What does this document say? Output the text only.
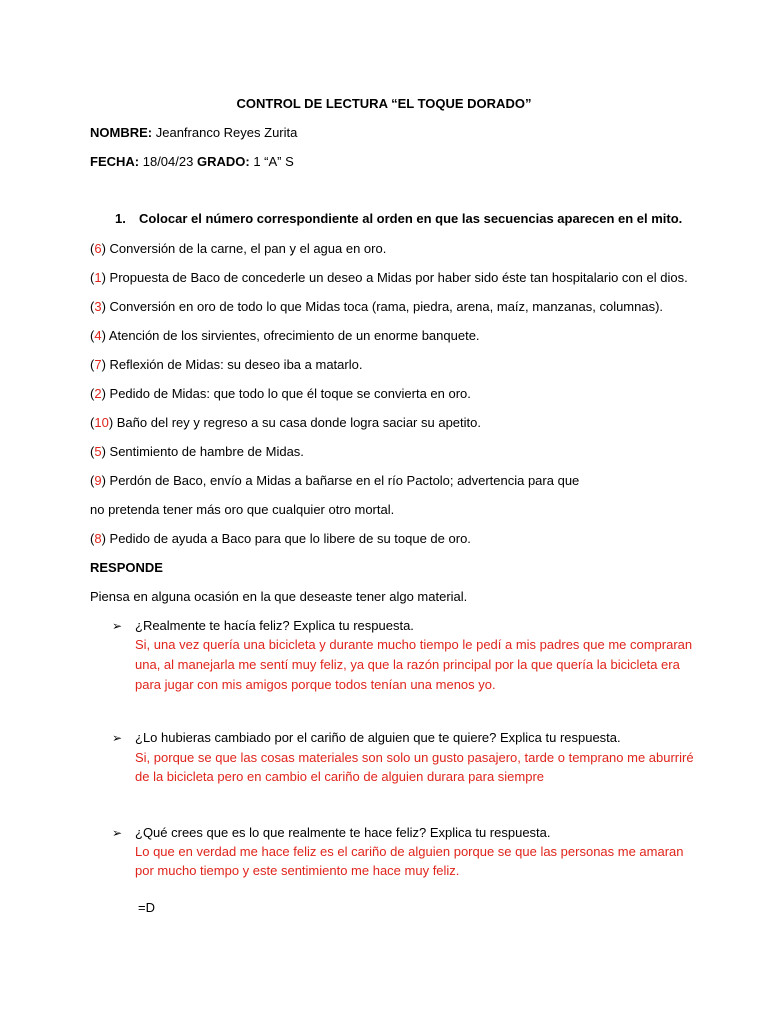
CONTROL DE LECTURA “EL TOQUE DORADO”
NOMBRE: Jeanfranco Reyes Zurita
FECHA: 18/04/23 GRADO: 1 “A” S
1. Colocar el número correspondiente al orden en que las secuencias aparecen en el mito.
(6) Conversión de la carne, el pan y el agua en oro.
(1) Propuesta de Baco de concederle un deseo a Midas por haber sido éste tan hospitalario con el dios.
(3) Conversión en oro de todo lo que Midas toca (rama, piedra, arena, maíz, manzanas, columnas).
(4) Atención de los sirvientes, ofrecimiento de un enorme banquete.
(7) Reflexión de Midas: su deseo iba a matarlo.
(2) Pedido de Midas: que todo lo que él toque se convierta en oro.
(10) Baño del rey y regreso a su casa donde logra saciar su apetito.
(5) Sentimiento de hambre de Midas.
(9) Perdón de Baco, envío a Midas a bañarse en el río Pactolo; advertencia para que
no pretenda tener más oro que cualquier otro mortal.
(8) Pedido de ayuda a Baco para que lo libere de su toque de oro.
RESPONDE
Piensa en alguna ocasión en la que deseaste tener algo material.
➢ ¿Realmente te hacía feliz? Explica tu respuesta.
Si, una vez quería una bicicleta y durante mucho tiempo le pedí a mis padres que me compraran
una, al manejarla me sentí muy feliz, ya que la razón principal por la que quería la bicicleta era
para jugar con mis amigos porque todos tenían una menos yo.
➢ ¿Lo hubieras cambiado por el cariño de alguien que te quiere? Explica tu respuesta.
Si, porque se que las cosas materiales son solo un gusto pasajero, tarde o temprano me aburriré
de la bicicleta pero en cambio el cariño de alguien durara para siempre
➢ ¿Qué crees que es lo que realmente te hace feliz? Explica tu respuesta.
Lo que en verdad me hace feliz es el cariño de alguien porque se que las personas me amaran
por mucho tiempo y este sentimiento me hace muy feliz.
=D
